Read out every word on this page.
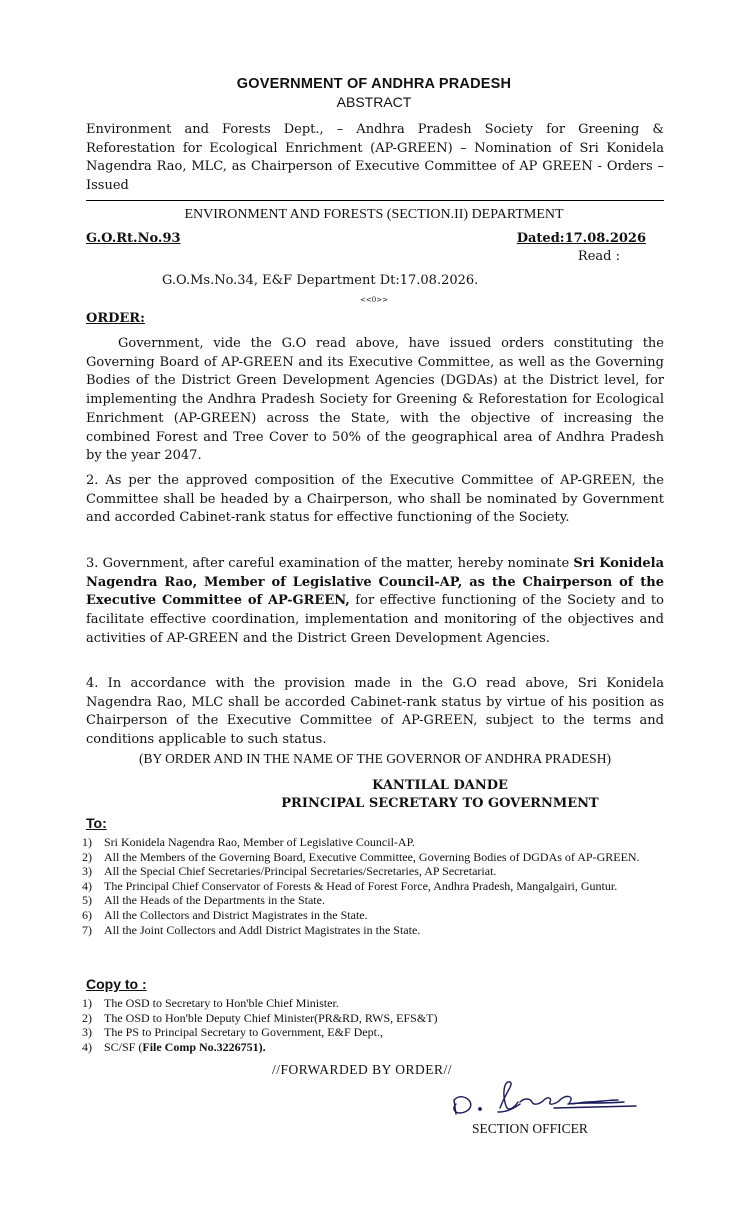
GOVERNMENT OF ANDHRA PRADESH
ABSTRACT
Environment and Forests Dept., – Andhra Pradesh Society for Greening & Reforestation for Ecological Enrichment (AP-GREEN) – Nomination of Sri Konidela Nagendra Rao, MLC, as Chairperson of Executive Committee of AP GREEN - Orders – Issued
ENVIRONMENT AND FORESTS (SECTION.II) DEPARTMENT
G.O.Rt.No.93	Dated:17.08.2026
Read :
G.O.Ms.No.34, E&F Department Dt:17.08.2026.
<<0>>
ORDER:

Government, vide the G.O read above, have issued orders constituting the Governing Board of AP-GREEN and its Executive Committee, as well as the Governing Bodies of the District Green Development Agencies (DGDAs) at the District level, for implementing the Andhra Pradesh Society for Greening & Reforestation for Ecological Enrichment (AP-GREEN) across the State, with the objective of increasing the combined Forest and Tree Cover to 50% of the geographical area of Andhra Pradesh by the year 2047.

2. As per the approved composition of the Executive Committee of AP-GREEN, the Committee shall be headed by a Chairperson, who shall be nominated by Government and accorded Cabinet-rank status for effective functioning of the Society.

3. Government, after careful examination of the matter, hereby nominate Sri Konidela Nagendra Rao, Member of Legislative Council-AP, as the Chairperson of the Executive Committee of AP-GREEN, for effective functioning of the Society and to facilitate effective coordination, implementation and monitoring of the objectives and activities of AP-GREEN and the District Green Development Agencies.

4. In accordance with the provision made in the G.O read above, Sri Konidela Nagendra Rao, MLC shall be accorded Cabinet-rank status by virtue of his position as Chairperson of the Executive Committee of AP-GREEN, subject to the terms and conditions applicable to such status.

(BY ORDER AND IN THE NAME OF THE GOVERNOR OF ANDHRA PRADESH)
KANTILAL DANDE
PRINCIPAL SECRETARY TO GOVERNMENT
To:
1) Sri Konidela Nagendra Rao, Member of Legislative Council-AP.
2) All the Members of the Governing Board, Executive Committee, Governing Bodies of DGDAs of AP-GREEN.
3) All the Special Chief Secretaries/Principal Secretaries/Secretaries, AP Secretariat.
4) The Principal Chief Conservator of Forests & Head of Forest Force, Andhra Pradesh, Mangalgairi, Guntur.
5) All the Heads of the Departments in the State.
6) All the Collectors and District Magistrates in the State.
7) All the Joint Collectors and Addl District Magistrates in the State.
Copy to :
1) The OSD to Secretary to Hon'ble Chief Minister.
2) The OSD to Hon'ble Deputy Chief Minister(PR&RD, RWS, EFS&T)
3) The PS to Principal Secretary to Government, E&F Dept.,
4) SC/SF (File Comp No.3226751).
//FORWARDED BY ORDER//
SECTION OFFICER
